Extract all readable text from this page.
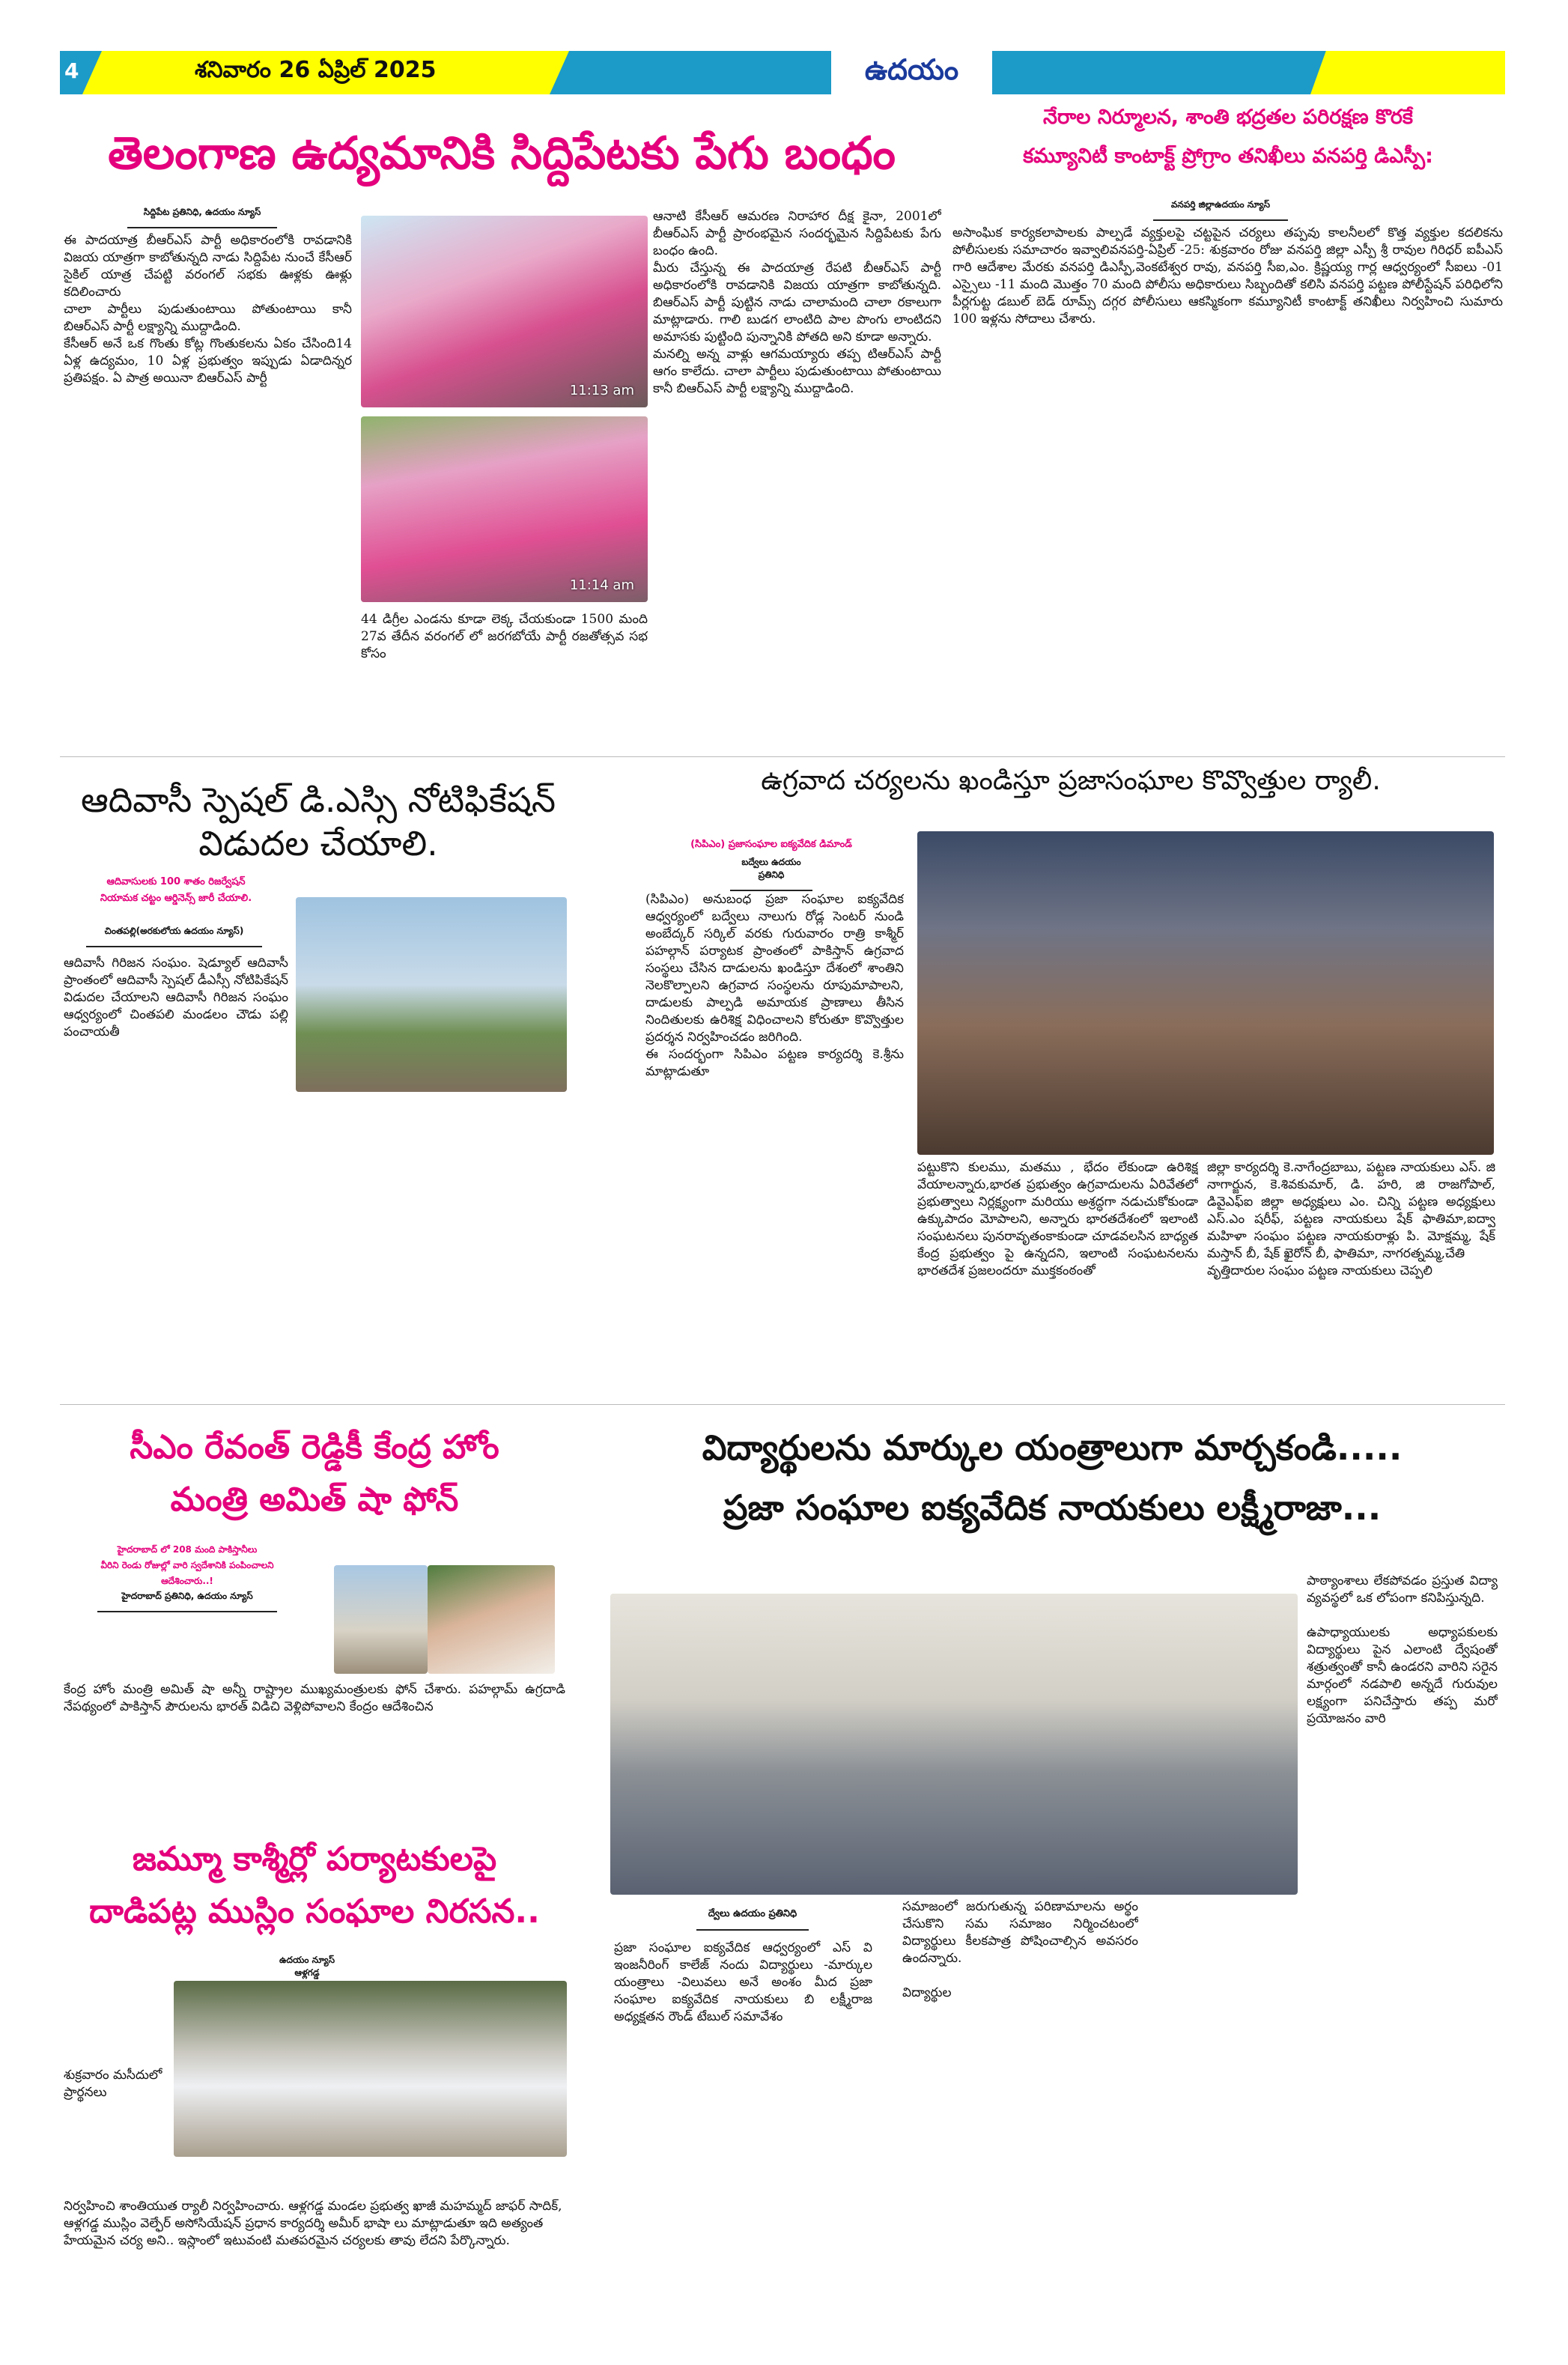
4	శనివారం 26 ఏప్రిల్ 2025	ఉదయం
తెలంగాణ ఉద్యమానికి సిద్దిపేటకు పేగు బంధం
సిద్దిపేట ప్రతినిధి, ఉదయం న్యూస్
ఈ పాదయాత్ర బీఆర్ఎస్ పార్టీ అధికారంలోకి రావడానికి విజయ యాత్రగా కాబోతున్నది నాడు సిద్దిపేట నుంచే కేసీఆర్ సైకిల్ యాత్ర చేపట్టి వరంగల్ సభకు ఊళ్లకు ఊళ్లు కదిలించారు
చాలా పార్టీలు పుడుతుంటాయి పోతుంటాయి కానీ బిఆర్ఎస్ పార్టీ లక్ష్యాన్ని ముద్దాడింది.
కేసీఆర్ అనే ఒక గొంతు కోట్ల గొంతుకలను ఏకం చేసింది14 ఏళ్ల ఉద్యమం, 10 ఏళ్ల ప్రభుత్వం ఇప్పుడు ఏడాదిన్నర ప్రతిపక్షం. ఏ పాత్ర అయినా బిఆర్ఎస్ పార్టీ
11:13 am
11:14 am
44 డిగ్రీల ఎండను కూడా లెక్క చేయకుండా 1500 మంది 27వ తేదీన వరంగల్ లో జరగబోయే పార్టీ రజతోత్సవ సభ కోసం
ఆనాటి కేసీఆర్ ఆమరణ నిరాహార దీక్ష కైనా, 2001లో బీఆర్ఎస్ పార్టీ ప్రారంభమైన సందర్భమైన సిద్దిపేటకు పేగు బంధం ఉంది.
మీరు చేస్తున్న ఈ పాదయాత్ర రేపటి బీఆర్ఎస్ పార్టీ అధికారంలోకి రావడానికి విజయ యాత్రగా కాబోతున్నది. బిఆర్ఎస్ పార్టీ పుట్టిన నాడు చాలామంది చాలా రకాలుగా మాట్లాడారు. గాలి బుడగ లాంటిది పాల పొంగు లాంటిదని అమాసకు పుట్టింది పున్నానికి పోతది అని కూడా అన్నారు.
మనల్ని అన్న వాళ్లు ఆగమయ్యారు తప్ప టిఆర్ఎస్ పార్టీ ఆగం కాలేదు. చాలా పార్టీలు పుడుతుంటాయి పోతుంటాయి కానీ బిఆర్ఎస్ పార్టీ లక్ష్యాన్ని ముద్దాడింది.
నేరాల నిర్మూలన, శాంతి భద్రతల పరిరక్షణ కొరకే
కమ్యూనిటీ కాంటాక్ట్ ప్రోగ్రాం తనిఖీలు వనపర్తి డిఎస్పీ:
వనపర్తి జిల్లాఉదయం న్యూస్
అసాంఘిక కార్యకలాపాలకు పాల్పడే వ్యక్తులపై చట్టపైన చర్యలు తప్పవు కాలనీలలో కొత్త వ్యక్తుల కదలికను పోలీసులకు సమాచారం ఇవ్వాలివనపర్తి-ఏప్రిల్ -25: శుక్రవారం రోజు వనపర్తి జిల్లా ఎస్పీ శ్రీ రావుల గిరిధర్ ఐపీఎస్ గారి ఆదేశాల మేరకు వనపర్తి డిఎస్పీ,వెంకటేశ్వర రావు, వనపర్తి సీఐ,ఎం. క్రిష్ణయ్య గార్ల ఆధ్వర్యంలో సీఐలు -01 ఎస్సైలు -11 మంది మొత్తం 70 మంది పోలీసు అధికారులు సిబ్బందితో కలిసి వనపర్తి పట్టణ పోలీస్టేషన్ పరిధిలోని పీర్లగుట్ట డబుల్ బెడ్ రూమ్స్ దగ్గర పోలీసులు ఆకస్మికంగా కమ్యూనిటీ కాంటాక్ట్ తనిఖీలు నిర్వహించి సుమారు 100 ఇళ్లను సోదాలు చేశారు.
ఆదివాసీ స్పెషల్ డి.ఎస్సి నోటిఫికేషన్ విడుదల చేయాలి.
ఆదివాసులకు 100 శాతం రిజర్వేషన్
నియామక చట్టం ఆర్డినెన్స్ జారీ చేయాలి.
చింతపల్లి(అరకులోయ ఉదయం న్యూస్)
ఆదివాసీ గిరిజన సంఘం. షెడ్యూల్ ఆదివాసీ ప్రాంతంలో ఆదివాసీ స్పెషల్ డీఎస్సీ నోటిపికేషన్ విడుదల చేయాలని ఆదివాసీ గిరిజన సంఘం ఆధ్వర్యంలో చింతపలి మండలం చౌడు పల్లి పంచాయతీ
ఉగ్రవాద చర్యలను ఖండిస్తూ ప్రజాసంఘాల కొవ్వొత్తుల ర్యాలీ.
(సిపిఎం) ప్రజాసంఘాల ఐక్యవేదిక డిమాండ్
బద్వేలు ఉదయం ప్రతినిధి
(సిపిఎం) అనుబంధ ప్రజా సంఘాల ఐక్యవేదిక ఆధ్వర్యంలో బద్వేలు నాలుగు రోడ్ల సెంటర్ నుండి అంబేద్కర్ సర్కిల్ వరకు గురువారం రాత్రి కాశ్మీర్ పహల్గాన్ పర్యాటక ప్రాంతంలో పాకిస్తాన్ ఉగ్రవాద సంస్థలు చేసిన దాడులను ఖండిస్తూ దేశంలో శాంతిని నెలకొల్పాలని ఉగ్రవాద సంస్థలను రూపుమాపాలని, దాడులకు పాల్పడి అమాయక ప్రాణాలు తీసిన నిందితులకు ఉరిశిక్ష విధించాలని కోరుతూ కొవ్వొత్తుల ప్రదర్శన నిర్వహించడం జరిగింది.
ఈ సందర్భంగా సిపిఎం పట్టణ కార్యదర్శి కె.శ్రీను మాట్లాడుతూ
పట్టుకొని కులము, మతము , భేదం లేకుండా ఉరిశిక్ష వేయాలన్నారు,భారత ప్రభుత్వం ఉగ్రవాదులను ఏరివేతలో ప్రభుత్వాలు నిర్లక్ష్యంగా మరియు అశ్రద్ధగా నడుచుకోకుండా ఉక్కుపాదం మోపాలని, అన్నారు భారతదేశంలో ఇలాంటి సంఘటనలు పునరావృతంకాకుండా చూడవలసిన బాధ్యత కేంద్ర ప్రభుత్వం పై ఉన్నదని, ఇలాంటి సంఘటనలను భారతదేశ ప్రజలందరూ ముక్తకంఠంతో
జిల్లా కార్యదర్శి కె.నాగేంద్రబాబు, పట్టణ నాయకులు ఎస్. జి నాగార్జున, కె.శివకుమార్, డి. హరి, జి రాజగోపాల్, డివైఎఫ్ఐ జిల్లా అధ్యక్షులు ఎం. చిన్ని పట్టణ అధ్యక్షులు ఎస్.ఎం షరీఫ్, పట్టణ నాయకులు షేక్ ఫాతిమా,ఐద్వా మహిళా సంఘం పట్టణ నాయకురాళ్లు పి. మోక్షమ్మ, షేక్ మస్తాన్ బీ, షేక్ ఖైరోన్ బీ, ఫాతిమా, నాగరత్నమ్మ,చేతి
వృత్తిదారుల సంఘం పట్టణ నాయకులు చెప్పలి
సీఎం రేవంత్ రెడ్డికీ కేంద్ర హోం
మంత్రి అమిత్ షా ఫోన్
హైదరాబాద్ లో 208 మంది పాకిస్తానీలు
వీరిని రెండు రోజుల్లో వారి స్వదేశానికి పంపించాలని
ఆదేశించారు..!
హైదరాబాద్ ప్రతినిధి, ఉదయం న్యూస్
కేంద్ర హోం మంత్రి అమిత్ షా అన్నీ రాష్ట్రాల ముఖ్యమంత్రులకు ఫోన్ చేశారు. పహల్గామ్ ఉగ్రదాడి నేపథ్యంలో పాకిస్తాన్ పౌరులను భారత్ విడిచి వెళ్లిపోవాలని కేంద్రం ఆదేశించిన
జమ్మూ కాశ్మీర్లో పర్యాటకులపై
దాడిపట్ల ముస్లిం సంఘాల నిరసన..
ఉదయం న్యూస్ ఆళ్లగడ్డ
శుక్రవారం మసీదులో ప్రార్థనలు
నిర్వహించి శాంతియుత ర్యాలీ నిర్వహించారు. ఆళ్లగడ్డ మండల ప్రభుత్వ ఖాజీ మహమ్మద్ జాఫర్ సాదిక్, ఆళ్లగడ్డ ముస్లిం వెల్ఫేర్ అసోసియేషన్ ప్రధాన కార్యదర్శి అమీర్ భాషా లు మాట్లాడుతూ ఇది అత్యంత హేయమైన చర్య అని.. ఇస్లాంలో ఇటువంటి మతపరమైన చర్యలకు తావు లేదని పేర్కొన్నారు.
విద్యార్థులను మార్కుల యంత్రాలుగా మార్చకండి.....
ప్రజా సంఘాల ఐక్యవేదిక నాయకులు లక్ష్మీరాజా...
పాఠ్యాంశాలు లేకపోవడం ప్రస్తుత విద్యా వ్యవస్థలో ఒక లోపంగా కనిపిస్తున్నది.

ఉపాధ్యాయులకు అధ్యాపకులకు విద్యార్థులు పైన ఎలాంటి ద్వేషంతో శత్రుత్వంతో కానీ ఉండరని వారిని సరైన మార్గంలో నడపాలి అన్నదే గురువుల లక్ష్యంగా పనిచేస్తారు తప్ప మరో ప్రయోజనం వారి
ద్వేలు ఉదయం ప్రతినిధి
ప్రజా సంఘాల ఐక్యవేదిక ఆధ్వర్యంలో ఎస్ వి ఇంజనీరింగ్ కాలేజ్ నందు విద్యార్థులు -మార్కుల యంత్రాలు -విలువలు అనే అంశం మీద ప్రజా సంఘాల ఐక్యవేదిక నాయకులు బి లక్ష్మీరాజ అధ్యక్షతన రౌండ్ టేబుల్ సమావేశం
సమాజంలో జరుగుతున్న పరిణామాలను అర్థం చేసుకొని సమ సమాజం నిర్మించటంలో విద్యార్థులు కీలకపాత్ర పోషించాల్సిన అవసరం ఉందన్నారు.

విద్యార్థుల
